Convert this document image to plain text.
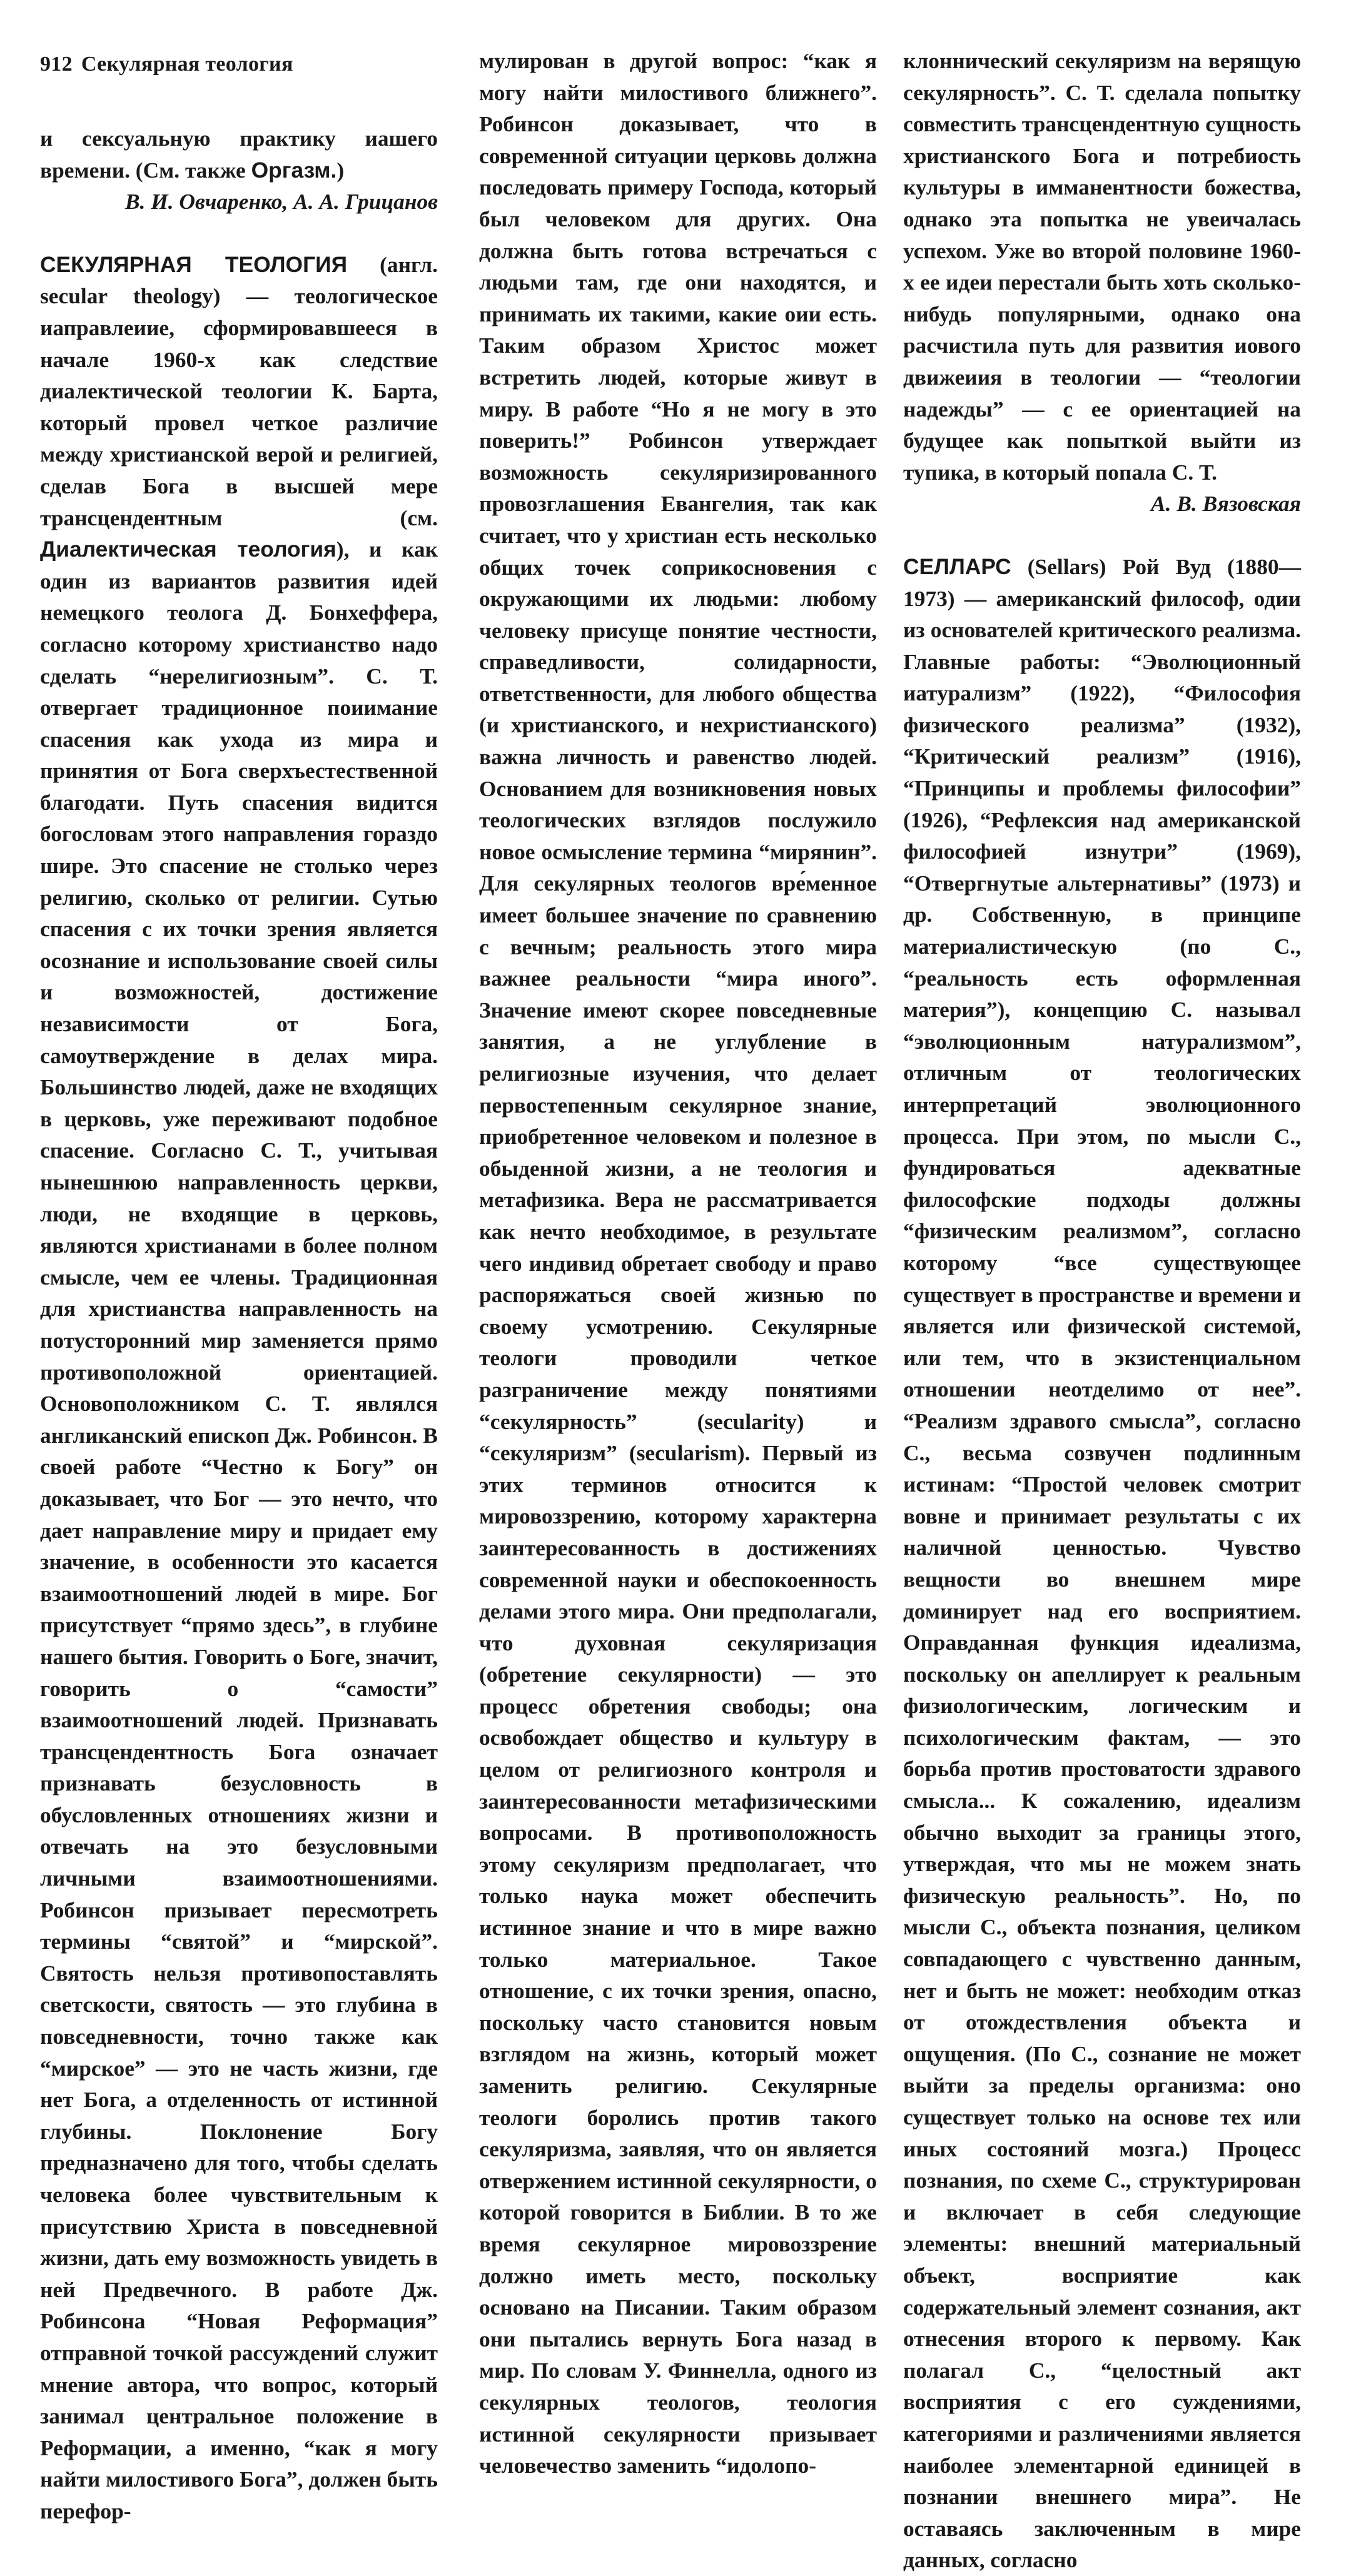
912 Секулярная теология

и сексуальную практику иашего времени. (См. также Оргазм.)

В. И. Овчаренко, А. А. Грицанов

СЕКУЛЯРНАЯ ТЕОЛОГИЯ (англ. secular theology) — теологическое иаправлеиие, сформировавшееся в начале 1960-х как следствие диалектической теологии К. Барта, который провел четкое различие между христианской верой и религией, сделав Бога в высшей мере трансцендентным (см. Диалектическая теология), и как один из вариантов развития идей немецкого теолога Д. Бонхеффера, согласно которому христианство надо сделать “нерелигиозным”. С. Т. отвергает традиционное поиимание спасения как ухода из мира и принятия от Бога сверхъестественной благодати. Путь спасения видится богословам этого направления гораздо шире. Это спасение не столько через религию, сколько от религии. Сутью спасения с их точки зрения является осознание и использование своей силы и возможностей, достижение независимости от Бога, самоутверждение в делах мира. Большинство людей, даже не входящих в церковь, уже переживают подобное спасение. Согласно С. Т., учитывая нынешнюю направленность церкви, люди, не входящие в церковь, являются христианами в более полном смысле, чем ее члены. Традиционная для христианства направленность на потусторонний мир заменяется прямо противоположной ориентацией. Основоположником С. Т. являлся англиканский епископ Дж. Робинсон. В своей работе “Честно к Богу” он доказывает, что Бог — это нечто, что дает направление миру и придает ему значение, в особенности это касается взаимоотношений людей в мире. Бог присутствует “прямо здесь”, в глубине нашего бытия. Говорить о Боге, значит, говорить о “самости” взаимоотношений людей. Признавать трансцендентность Бога означает признавать безусловность в обусловленных отношениях жизни и отвечать на это безусловными личными взаимоотношениями. Робинсон призывает пересмотреть термины “святой” и “мирской”. Святость нельзя противопоставлять светскости, святость — это глубина в повседневности, точно также как “мирское” — это не часть жизни, где нет Бога, а отделенность от истинной глубины. Поклонение Богу предназначено для того, чтобы сделать человека более чувствительным к присутствию Христа в повседневной жизни, дать ему возможность увидеть в ней Предвечного. В работе Дж. Робинсона “Новая Реформация” отправной точкой рассуждений служит мнение автора, что вопрос, который занимал центральное положение в Реформации, а именно, “как я могу найти милостивого Бога”, должен быть перефор-

мулирован в другой вопрос: “как я могу найти милостивого ближнего”. Робинсон доказывает, что в современной ситуации церковь должна последовать примеру Господа, который был человеком для других. Она должна быть готова встречаться с людьми там, где они находятся, и принимать их такими, какие оии есть. Таким образом Христос может встретить людей, которые живут в миру. В работе “Но я не могу в это поверить!” Робинсон утверждает возможность секуляризированного провозглашения Евангелия, так как считает, что у христиан есть несколько общих точек соприкосновения с окружающими их людьми: любому человеку присуще понятие честности, справедливости, солидарности, ответственности, для любого общества (и христианского, и нехристианского) важна личность и равенство людей. Основанием для возникновения новых теологических взглядов послужило новое осмысление термина “мирянин”. Для секулярных теологов вре́менное имеет большее значение по сравнению с вечным; реальность этого мира важнее реальности “мира иного”. Значение имеют скорее повседневные занятия, а не углубление в религиозные изучения, что делает первостепенным секулярное знание, приобретенное человеком и полезное в обыденной жизни, а не теология и метафизика. Вера не рассматривается как нечто необходимое, в результате чего индивид обретает свободу и право распоряжаться своей жизнью по своему усмотрению. Секулярные теологи проводили четкое разграничение между понятиями “секулярность” (secularity) и “секуляризм” (secularism). Первый из этих терминов относится к мировоззрению, которому характерна заинтересованность в достижениях современной науки и обеспокоенность делами этого мира. Они предполагали, что духовная секуляризация (обретение секулярности) — это процесс обретения свободы; она освобождает общество и культуру в целом от религиозного контроля и заинтересованности метафизическими вопросами. В противоположность этому секуляризм предполагает, что только наука может обеспечить истинное знание и что в мире важно только материальное. Такое отношение, с их точки зрения, опасно, поскольку часто становится новым взглядом на жизнь, который может заменить религию. Секулярные теологи боролись против такого секуляризма, заявляя, что он является отвержением истинной секулярности, о которой говорится в Библии. В то же время секулярное мировоззрение должно иметь место, поскольку основано на Писании. Таким образом они пытались вернуть Бога назад в мир. По словам У. Финнелла, одного из секулярных теологов, теология истинной секулярности призывает человечество заменить “идолопо-

клоннический секуляризм на верящую секулярность”. С. Т. сделала попытку совместить трансцендентную сущность христианского Бога и потребиость культуры в имманентности божества, однако эта попытка не увеичалась успехом. Уже во второй половине 1960-х ее идеи перестали быть хоть сколько-нибудь популярными, однако она расчистила путь для развития иового движеиия в теологии — “теологии надежды” — с ее ориентацией на будущее как попыткой выйти из тупика, в который попала С. Т.

А. В. Вязовская

СЕЛЛАРС (Sellars) Рой Вуд (1880—1973) — американский философ, одии из основателей критического реализма. Главные работы: “Эволюционный иатурализм” (1922), “Философия физического реализма” (1932), “Критический реализм” (1916), “Принципы и проблемы философии” (1926), “Рефлексия над американской философией изнутри” (1969), “Отвергнутые альтернативы” (1973) и др. Собственную, в принципе материалистическую (по С., “реальность есть оформленная материя”), концепцию С. называл “эволюционным натурализмом”, отличным от теологических интерпретаций эволюционного процесса. При этом, по мысли С., фундироваться адекватные философские подходы должны “физическим реализмом”, согласно которому “все существующее существует в пространстве и времени и является или физической системой, или тем, что в экзистенциальном отношении неотделимо от нее”. “Реализм здравого смысла”, согласно С., весьма созвучен подлинным истинам: “Простой человек смотрит вовне и принимает результаты с их наличной ценностью. Чувство вещности во внешнем мире доминирует над его восприятием. Оправданная функция идеализма, поскольку он апеллирует к реальным физиологическим, логическим и психологическим фактам, — это борьба против простоватости здравого смысла... К сожалению, идеализм обычно выходит за границы этого, утверждая, что мы не можем знать физическую реальность”. Но, по мысли С., объекта познания, целиком совпадающего с чувственно данным, нет и быть не может: необходим отказ от отождествления объекта и ощущения. (По С., сознание не может выйти за пределы организма: оно существует только на основе тех или иных состояний мозга.) Процесс познания, по схеме С., структурирован и включает в себя следующие элементы: внешний материальный объект, восприятие как содержательный элемент сознания, акт отнесения второго к первому. Как полагал С., “целостный акт восприятия с его суждениями, категориями и различениями является наиболее элементарной единицей в познании внешнего мира”. Не оставаясь заключенным в мире данных, согласно
